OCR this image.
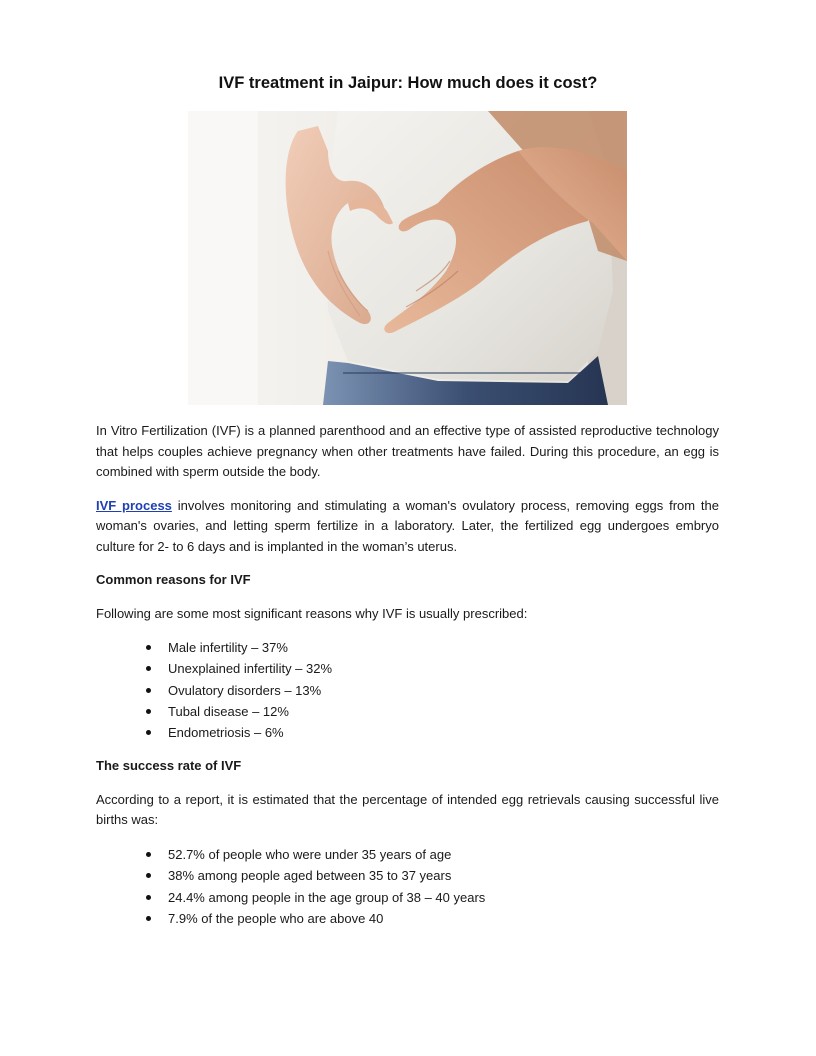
IVF treatment in Jaipur: How much does it cost?

In Vitro Fertilization (IVF) is a planned parenthood and an effective type of assisted reproductive technology that helps couples achieve pregnancy when other treatments have failed. During this procedure, an egg is combined with sperm outside the body.

IVF process involves monitoring and stimulating a woman's ovulatory process, removing eggs from the woman's ovaries, and letting sperm fertilize in a laboratory. Later, the fertilized egg undergoes embryo culture for 2- to 6 days and is implanted in the woman’s uterus.

Common reasons for IVF

Following are some most significant reasons why IVF is usually prescribed:

Male infertility – 37%
Unexplained infertility – 32%
Ovulatory disorders – 13%
Tubal disease – 12%
Endometriosis – 6%

The success rate of IVF

According to a report, it is estimated that the percentage of intended egg retrievals causing successful live births was:

52.7% of people who were under 35 years of age
38% among people aged between 35 to 37 years
24.4% among people in the age group of 38 – 40 years
7.9% of the people who are above 40
